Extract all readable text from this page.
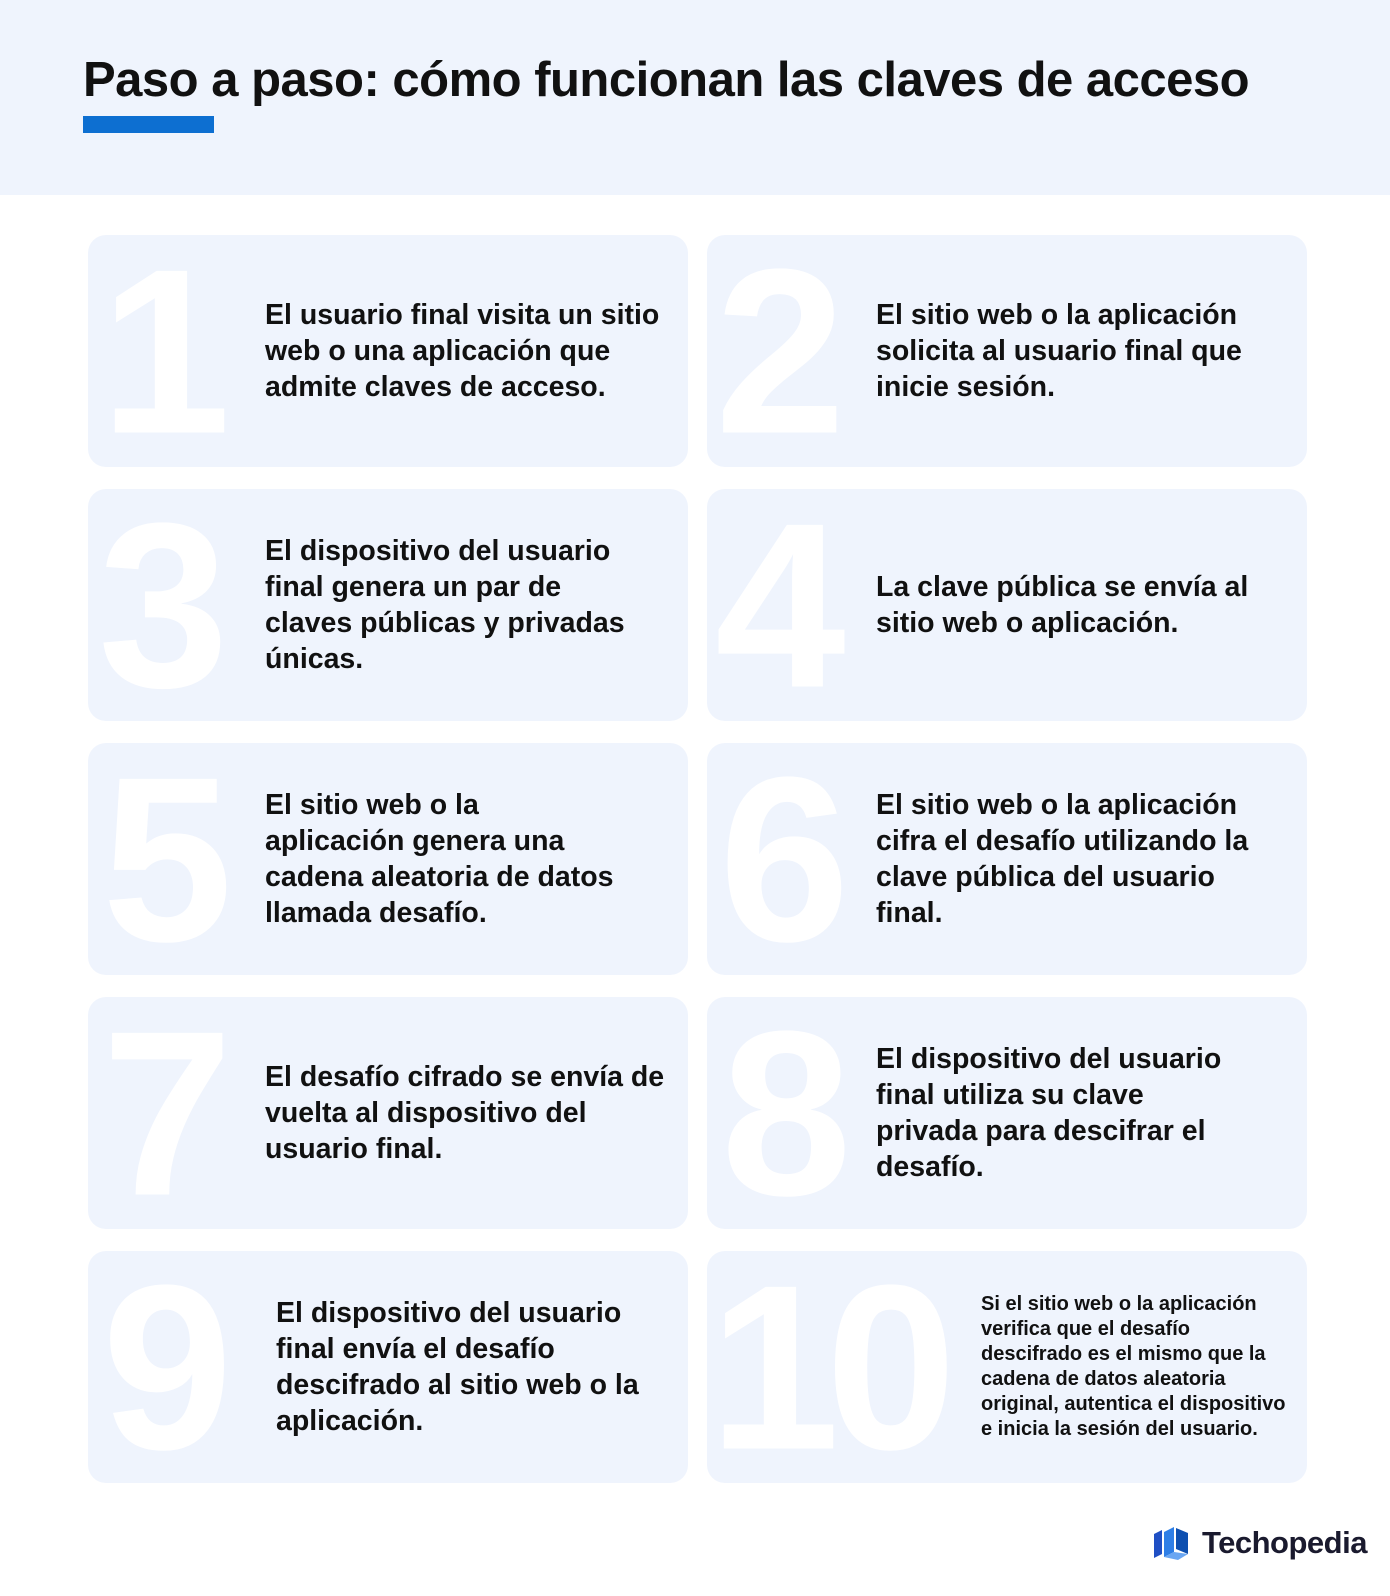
Paso a paso: cómo funcionan las claves de acceso
1 El usuario final visita un sitio web o una aplicación que admite claves de acceso. 2 El sitio web o la aplicación solicita al usuario final que inicie sesión.
3 El dispositivo del usuario final genera un par de claves públicas y privadas únicas.	4 La clave pública se envía al sitio web o aplicación.
5 El sitio web o la aplicación genera una cadena aleatoria de datos llamada desafío. 6 El sitio web o la aplicación cifra el desafío utilizando la clave pública del usuario final.
7 El desafío cifrado se envía de vuelta al dispositivo del usuario final.	8 El dispositivo del usuario final utiliza su clave privada para descifrar el desafío.
9 El dispositivo del usuario final envía el desafío descifrado al sitio web o la aplicación.	10 Si el sitio web o la aplicación verifica que el desafío descifrado es el mismo que la cadena de datos aleatoria original, autentica el dispositivo e inicia la sesión del usuario.
Techopedia
